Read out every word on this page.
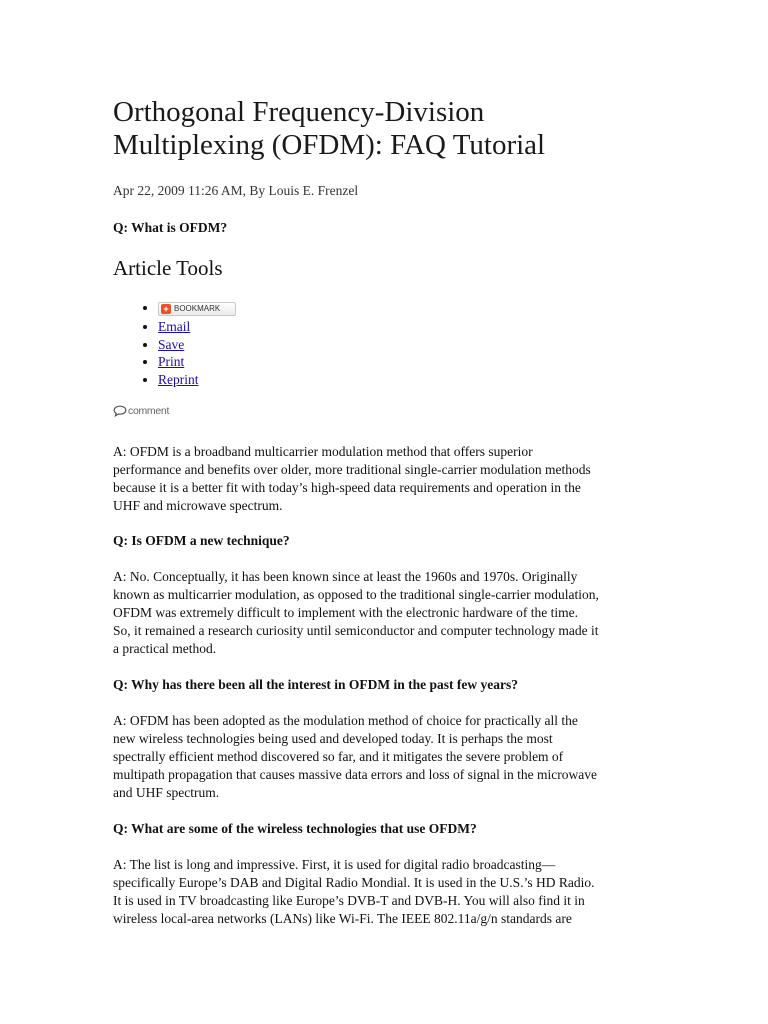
Orthogonal Frequency-Division
Multiplexing (OFDM): FAQ Tutorial
Apr 22, 2009 11:26 AM, By Louis E. Frenzel
Q: What is OFDM?
Article Tools
• + BOOKMARK
• Email
• Save
• Print
• Reprint
comment

A: OFDM is a broadband multicarrier modulation method that offers superior
performance and benefits over older, more traditional single-carrier modulation methods
because it is a better fit with today’s high-speed data requirements and operation in the
UHF and microwave spectrum.

Q: Is OFDM a new technique?

A: No. Conceptually, it has been known since at least the 1960s and 1970s. Originally
known as multicarrier modulation, as opposed to the traditional single-carrier modulation,
OFDM was extremely difficult to implement with the electronic hardware of the time.
So, it remained a research curiosity until semiconductor and computer technology made it
a practical method.

Q: Why has there been all the interest in OFDM in the past few years?

A: OFDM has been adopted as the modulation method of choice for practically all the
new wireless technologies being used and developed today. It is perhaps the most
spectrally efficient method discovered so far, and it mitigates the severe problem of
multipath propagation that causes massive data errors and loss of signal in the microwave
and UHF spectrum.

Q: What are some of the wireless technologies that use OFDM?

A: The list is long and impressive. First, it is used for digital radio broadcasting—
specifically Europe’s DAB and Digital Radio Mondial. It is used in the U.S.’s HD Radio.
It is used in TV broadcasting like Europe’s DVB-T and DVB-H. You will also find it in
wireless local-area networks (LANs) like Wi-Fi. The IEEE 802.11a/g/n standards are
